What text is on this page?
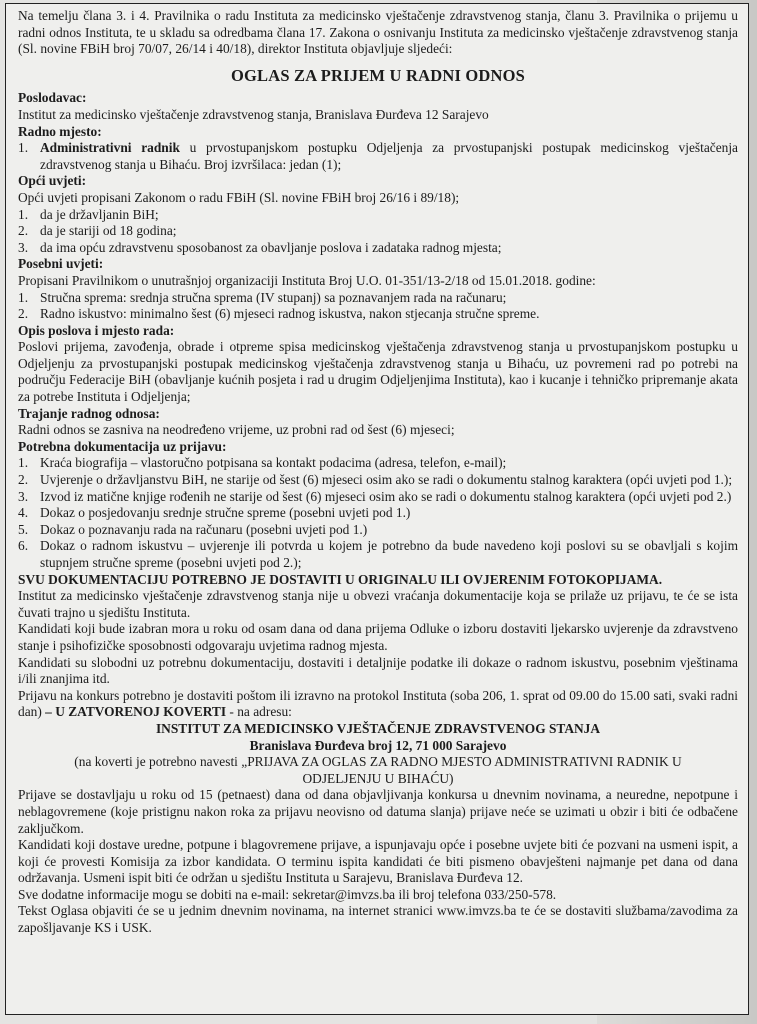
Na temelju člana 3. i 4. Pravilnika o radu Instituta za medicinsko vještačenje zdravstvenog stanja, članu 3. Pravilnika o prijemu u radni odnos Instituta, te u skladu sa odredbama člana 17. Zakona o osnivanju Instituta za medicinsko vještačenje zdravstvenog stanja (Sl. novine FBiH broj 70/07, 26/14 i 40/18), direktor Instituta objavljuje sljedeći:

OGLAS ZA PRIJEM U RADNI ODNOS

Poslodavac:

Institut za medicinsko vještačenje zdravstvenog stanja, Branislava Đurđeva 12 Sarajevo

Radno mjesto:

1. Administrativni radnik u prvostupanjskom postupku Odjeljenja za prvostupanjski postupak medicinskog vještačenja zdravstvenog stanja u Bihaću. Broj izvršilaca: jedan (1);

Opći uvjeti:

Opći uvjeti propisani Zakonom o radu FBiH (Sl. novine FBiH broj 26/16 i 89/18);

1. da je državljanin BiH;
2. da je stariji od 18 godina;
3. da ima opću zdravstvenu sposobanost za obavljanje poslova i zadataka radnog mjesta;

Posebni uvjeti:

Propisani Pravilnikom o unutrašnjoj organizaciji Instituta Broj U.O. 01-351/13-2/18 od 15.01.2018. godine:

1. Stručna sprema: srednja stručna sprema (IV stupanj) sa poznavanjem rada na računaru;
2. Radno iskustvo: minimalno šest (6) mjeseci radnog iskustva, nakon stjecanja stručne spreme.

Opis poslova i mjesto rada:

Poslovi prijema, zavođenja, obrade i otpreme spisa medicinskog vještačenja zdravstvenog stanja u prvostupanjskom postupku u Odjeljenju za prvostupanjski postupak medicinskog vještačenja zdravstvenog stanja u Bihaću, uz povremeni rad po potrebi na području Federacije BiH (obavljanje kućnih posjeta i rad u drugim Odjeljenjima Instituta), kao i kucanje i tehničko pripremanje akata za potrebe Instituta i Odjeljenja;

Trajanje radnog odnosa:

Radni odnos se zasniva na neodređeno vrijeme, uz probni rad od šest (6) mjeseci;

Potrebna dokumentacija uz prijavu:

1. Kraća biografija – vlastoručno potpisana sa kontakt podacima (adresa, telefon, e-mail);
2. Uvjerenje o državljanstvu BiH, ne starije od šest (6) mjeseci osim ako se radi o dokumentu stalnog karaktera (opći uvjeti pod 1.);
3. Izvod iz matične knjige rođenih ne starije od šest (6) mjeseci osim ako se radi o dokumentu stalnog karaktera (opći uvjeti pod 2.)
4. Dokaz o posjedovanju srednje stručne spreme (posebni uvjeti pod 1.)
5. Dokaz o poznavanju rada na računaru (posebni uvjeti pod 1.)
6. Dokaz o radnom iskustvu – uvjerenje ili potvrda u kojem je potrebno da bude navedeno koji poslovi su se obavljali s kojim stupnjem stručne spreme (posebni uvjeti pod 2.);

SVU DOKUMENTACIJU POTREBNO JE DOSTAVITI U ORIGINALU ILI OVJERENIM FOTOKOPIJAMA.

Institut za medicinsko vještačenje zdravstvenog stanja nije u obvezi vraćanja dokumentacije koja se prilaže uz prijavu, te će se ista čuvati trajno u sjedištu Instituta.

Kandidati koji bude izabran mora u roku od osam dana od dana prijema Odluke o izboru dostaviti ljekarsko uvjerenje da zdravstveno stanje i psihofizičke sposobnosti odgovaraju uvjetima radnog mjesta.

Kandidati su slobodni uz potrebnu dokumentaciju, dostaviti i detaljnije podatke ili dokaze o radnom iskustvu, posebnim vještinama i/ili znanjima itd.

Prijavu na konkurs potrebno je dostaviti poštom ili izravno na protokol Instituta (soba 206, 1. sprat od 09.00 do 15.00 sati, svaki radni dan) – U ZATVORENOJ KOVERTI - na adresu:

INSTITUT ZA MEDICINSKO VJEŠTAČENJE ZDRAVSTVENOG STANJA

Branislava Đurđeva broj 12, 71 000 Sarajevo

(na koverti je potrebno navesti „PRIJAVA ZA OGLAS ZA RADNO MJESTO ADMINISTRATIVNI RADNIK U ODJELJENJU U BIHAĆU)

Prijave se dostavljaju u roku od 15 (petnaest) dana od dana objavljivanja konkursa u dnevnim novinama, a neuredne, nepotpune i neblagovremene (koje pristignu nakon roka za prijavu neovisno od datuma slanja) prijave neće se uzimati u obzir i biti će odbačene zaključkom.

Kandidati koji dostave uredne, potpune i blagovremene prijave, a ispunjavaju opće i posebne uvjete biti će pozvani na usmeni ispit, a koji će provesti Komisija za izbor kandidata. O terminu ispita kandidati će biti pismeno obavješteni najmanje pet dana od dana održavanja. Usmeni ispit biti će održan u sjedištu Instituta u Sarajevu, Branislava Đurđeva 12.

Sve dodatne informacije mogu se dobiti na e-mail: sekretar@imvzs.ba ili broj telefona 033/250-578.

Tekst Oglasa objaviti će se u jednim dnevnim novinama, na internet stranici www.imvzs.ba te će se dostaviti službama/zavodima za zapošljavanje KS i USK.
